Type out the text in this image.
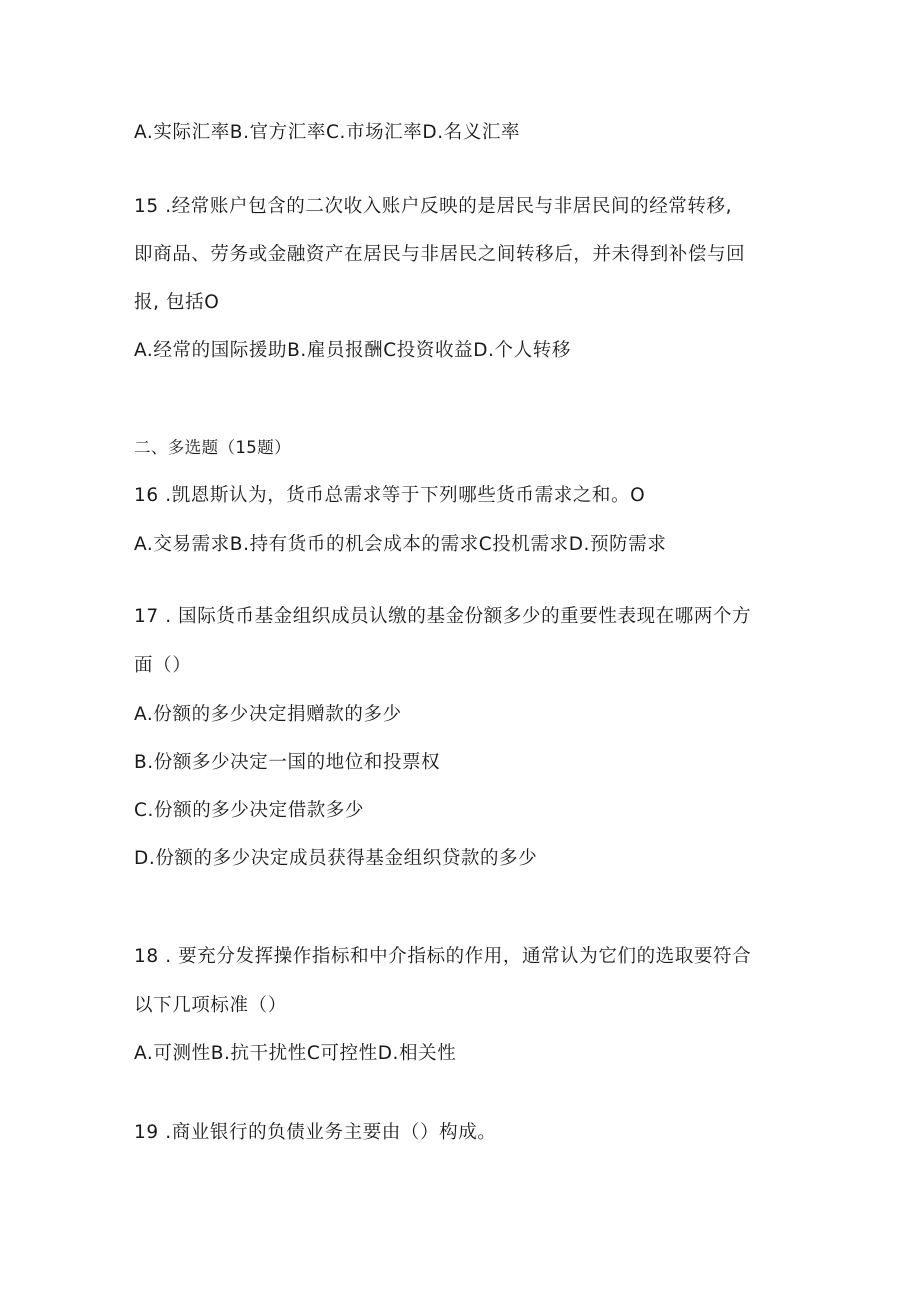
A.实际汇率B.官方汇率C.市场汇率D.名义汇率
15 .经常账户包含的二次收入账户反映的是居民与非居民间的经常转移,
即商品、劳务或金融资产在居民与非居民之间转移后，并未得到补偿与回
报, 包括O
A.经常的国际援助B.雇员报酬C投资收益D.个人转移
二、多选题（15题）
16 .凯恩斯认为，货币总需求等于下列哪些货币需求之和。O
A.交易需求B.持有货币的机会成本的需求C投机需求D.预防需求
17 . 国际货币基金组织成员认缴的基金份额多少的重要性表现在哪两个方
面（）
A.份额的多少决定捐赠款的多少
B.份额多少决定一国的地位和投票权
C.份额的多少决定借款多少
D.份额的多少决定成员获得基金组织贷款的多少
18 . 要充分发挥操作指标和中介指标的作用，通常认为它们的选取要符合
以下几项标准（）
A.可测性B.抗干扰性C可控性D.相关性
19 .商业银行的负债业务主要由（）构成。
